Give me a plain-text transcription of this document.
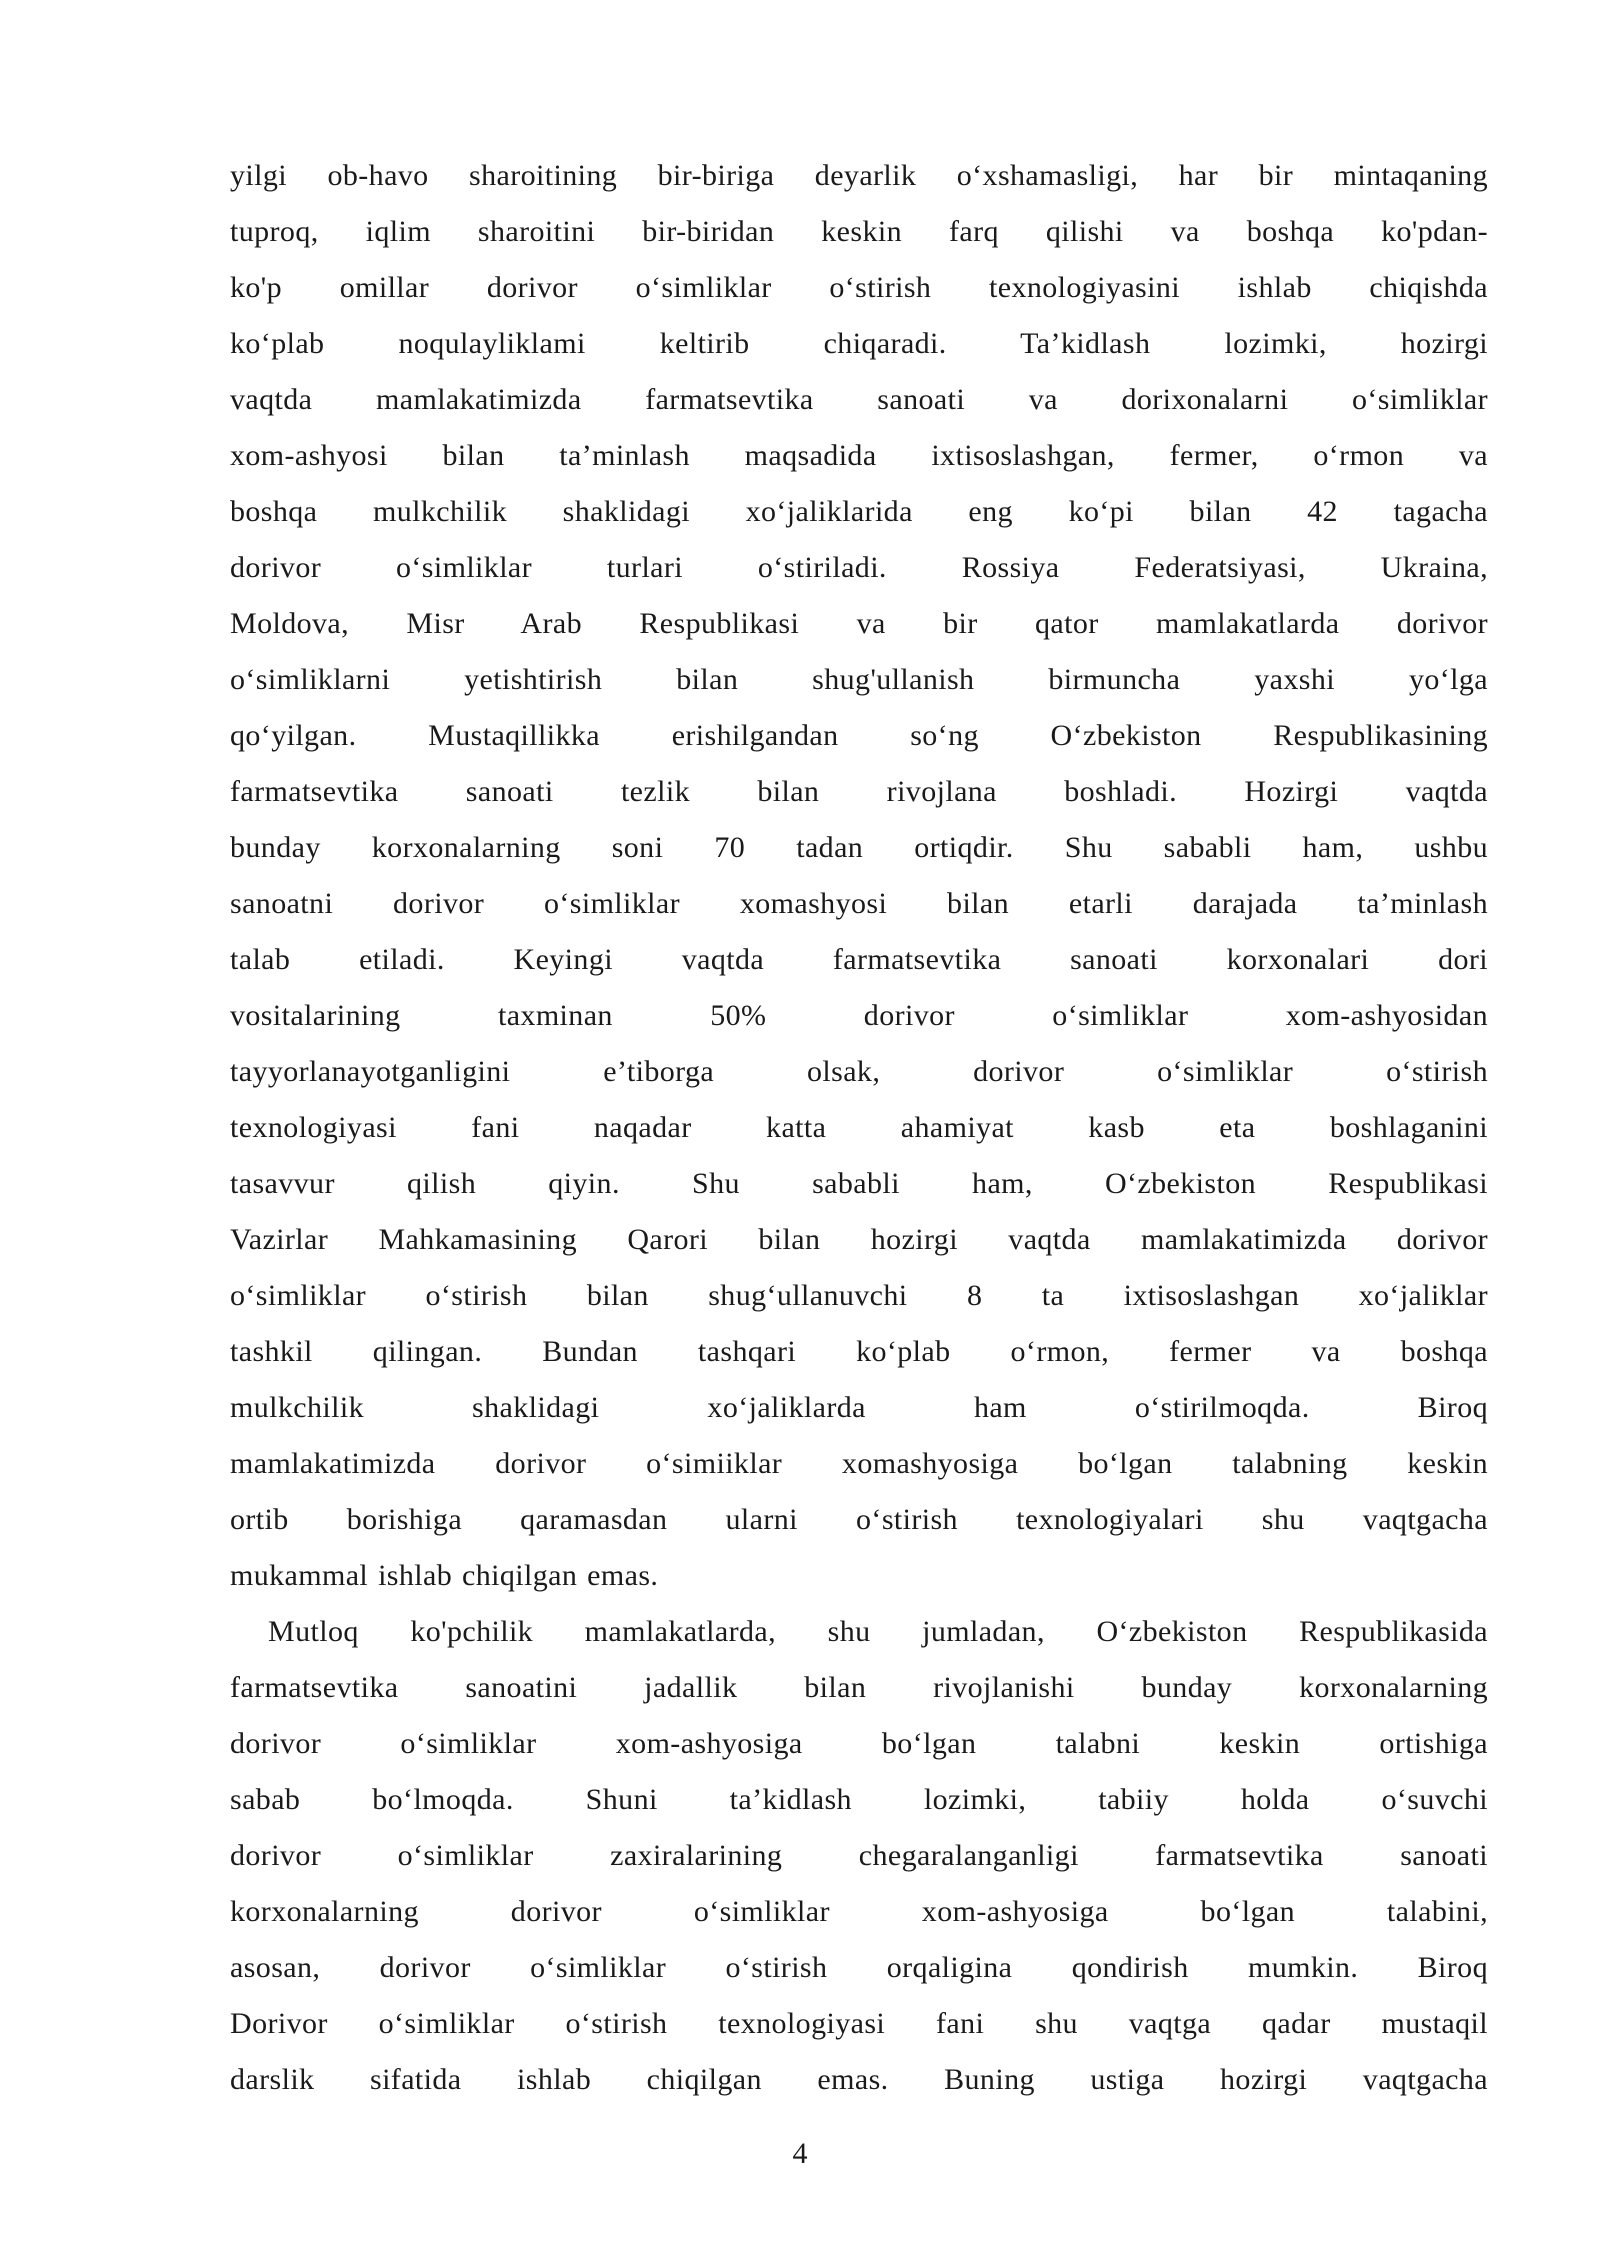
yilgi ob-havo sharoitining bir-biriga deyarlik o‘xshamasligi, har bir mintaqaning
tuproq, iqlim sharoitini bir-biridan keskin farq qilishi va boshqa ko'pdan-
ko'p omillar dorivor o‘simliklar o‘stirish texnologiyasini ishlab chiqishda
ko‘plab noqulayliklami keltirib chiqaradi. Ta’kidlash lozimki, hozirgi
vaqtda mamlakatimizda farmatsevtika sanoati va dorixonalarni o‘simliklar
xom-ashyosi bilan ta’minlash maqsadida ixtisoslashgan, fermer, o‘rmon va
boshqa mulkchilik shaklidagi xo‘jaliklarida eng ko‘pi bilan 42 tagacha
dorivor o‘simliklar turlari o‘stiriladi. Rossiya Federatsiyasi, Ukraina,
Moldova, Misr Arab Respublikasi va bir qator mamlakatlarda dorivor
o‘simliklarni yetishtirish bilan shug'ullanish birmuncha yaxshi yo‘lga
qo‘yilgan. Mustaqillikka erishilgandan so‘ng O‘zbekiston Respublikasining
farmatsevtika sanoati tezlik bilan rivojlana boshladi. Hozirgi vaqtda
bunday korxonalarning soni 70 tadan ortiqdir. Shu sababli ham, ushbu
sanoatni dorivor o‘simliklar xomashyosi bilan etarli darajada ta’minlash
talab etiladi. Keyingi vaqtda farmatsevtika sanoati korxonalari dori
vositalarining taxminan 50% dorivor o‘simliklar xom-ashyosidan
tayyorlanayotganligini e’tiborga olsak, dorivor o‘simliklar o‘stirish
texnologiyasi fani naqadar katta ahamiyat kasb eta boshlaganini
tasavvur qilish qiyin. Shu sababli ham, O‘zbekiston Respublikasi
Vazirlar Mahkamasining Qarori bilan hozirgi vaqtda mamlakatimizda dorivor
o‘simliklar o‘stirish bilan shug‘ullanuvchi 8 ta ixtisoslashgan xo‘jaliklar
tashkil qilingan. Bundan tashqari ko‘plab o‘rmon, fermer va boshqa
mulkchilik shaklidagi xo‘jaliklarda ham o‘stirilmoqda. Biroq
mamlakatimizda dorivor o‘simiiklar xomashyosiga bo‘lgan talabning keskin
ortib borishiga qaramasdan ularni o‘stirish texnologiyalari shu vaqtgacha
mukammal ishlab chiqilgan emas.
Mutloq ko'pchilik mamlakatlarda, shu jumladan, O‘zbekiston Respublikasida
farmatsevtika sanoatini jadallik bilan rivojlanishi bunday korxonalarning
dorivor o‘simliklar xom-ashyosiga bo‘lgan talabni keskin ortishiga
sabab bo‘lmoqda. Shuni ta’kidlash lozimki, tabiiy holda o‘suvchi
dorivor o‘simliklar zaxiralarining chegaralanganligi farmatsevtika sanoati
korxonalarning dorivor o‘simliklar xom-ashyosiga bo‘lgan talabini,
asosan, dorivor o‘simliklar o‘stirish orqaligina qondirish mumkin. Biroq
Dorivor o‘simliklar o‘stirish texnologiyasi fani shu vaqtga qadar mustaqil
darslik sifatida ishlab chiqilgan emas. Buning ustiga hozirgi vaqtgacha
4
